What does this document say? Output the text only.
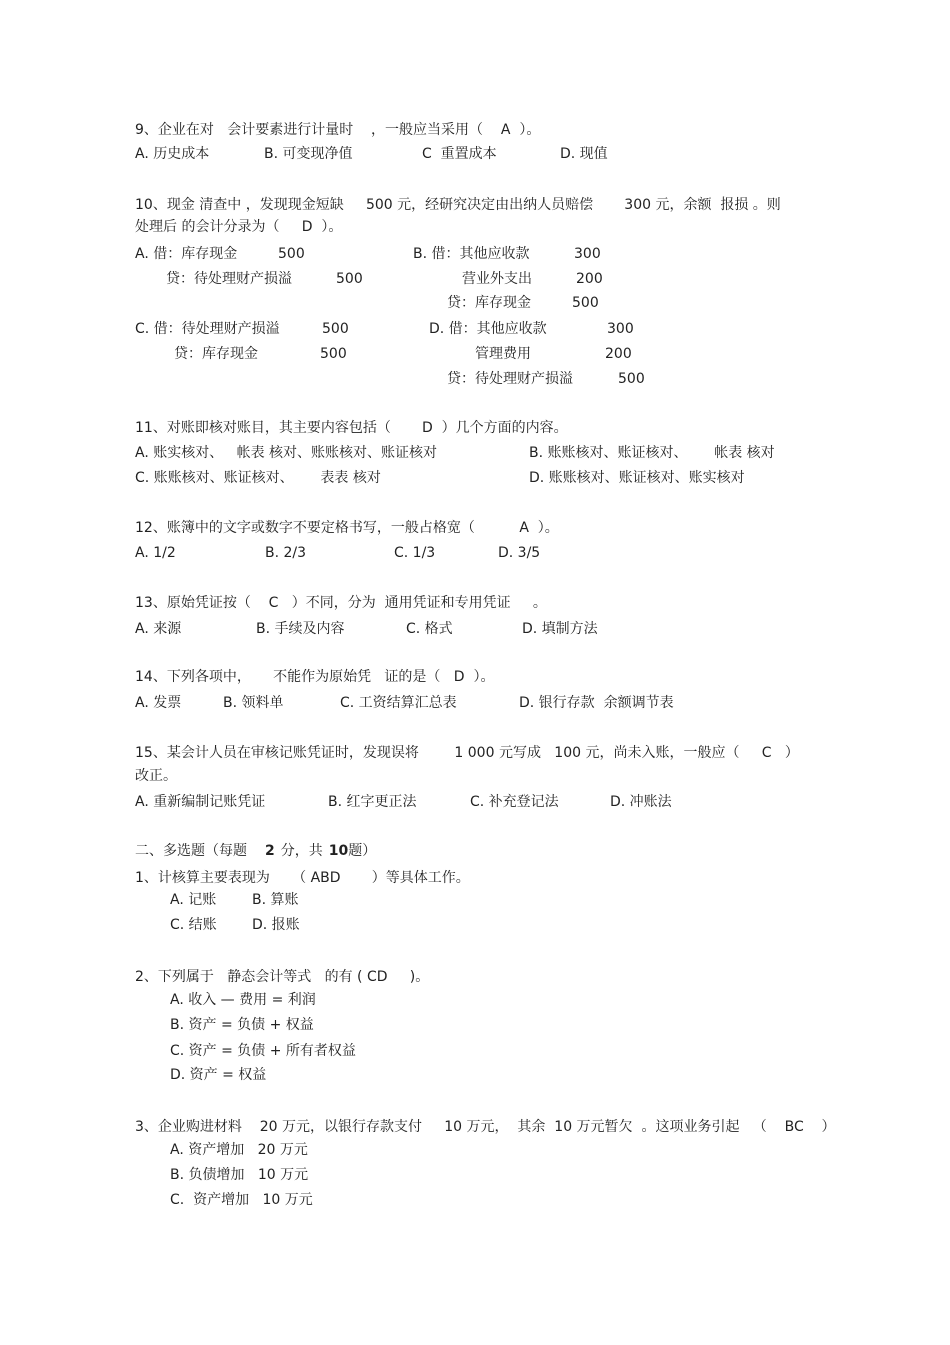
9、企业在对   会计要素进行计量时    ，一般应当采用（    A  ）。
A. 历史成本	B. 可变现净值	C  重置成本	D. 现值
10、现金 清查中 ，发现现金短缺     500 元，经研究决定由出纳人员赔偿       300 元，余额  报损 。则
处理后 的会计分录为（     D  ）。
A. 借：库存现金	500
贷：待处理财产损溢	500
B. 借：其他应收款	300
营业外支出	200
贷：库存现金	500
C. 借：待处理财产损溢	500
贷：库存现金	500
D. 借：其他应收款	300
管理费用	200
贷：待处理财产损溢	500
11、对账即核对账目，其主要内容包括（       D  ）几个方面的内容。
A. 账实核对、   帐表 核对、账账核对、账证核对	B. 账账核对、账证核对、      帐表 核对
C. 账账核对、账证核对、      表表 核对	D. 账账核对、账证核对、账实核对
12、账簿中的文字或数字不要定格书写，一般占格宽（          A  ）。
A. 1/2	B. 2/3	C. 1/3	D. 3/5
13、原始凭证按（    C   ）不同，分为  通用凭证和专用凭证     。
A. 来源	B. 手续及内容	C. 格式	D. 填制方法
14、下列各项中，     不能作为原始凭   证的是（   D  ）。
A. 发票	B. 领料单	C. 工资结算汇总表	D. 银行存款  余额调节表
15、某会计人员在审核记账凭证时，发现误将        1 000 元写成   100 元，尚未入账，一般应（     C   ）
改正。
A. 重新编制记账凭证	B. 红字更正法	C. 补充登记法	D. 冲账法
二、多选题（每题 2 分，共 10题）
1、计核算主要表现为     （ ABD       ）等具体工作。
A. 记账	B. 算账
C. 结账	D. 报账
2、下列属于   静态会计等式   的有 ( CD     )。
A. 收入 — 费用 = 利润
B. 资产 = 负债 + 权益
C. 资产 = 负债 + 所有者权益
D. 资产 = 权益
3、企业购进材料    20 万元，以银行存款支付     10 万元，  其余  10 万元暂欠  。这项业务引起   （    BC    ）
A. 资产增加   20 万元
B. 负债增加   10 万元
C.  资产增加   10 万元
